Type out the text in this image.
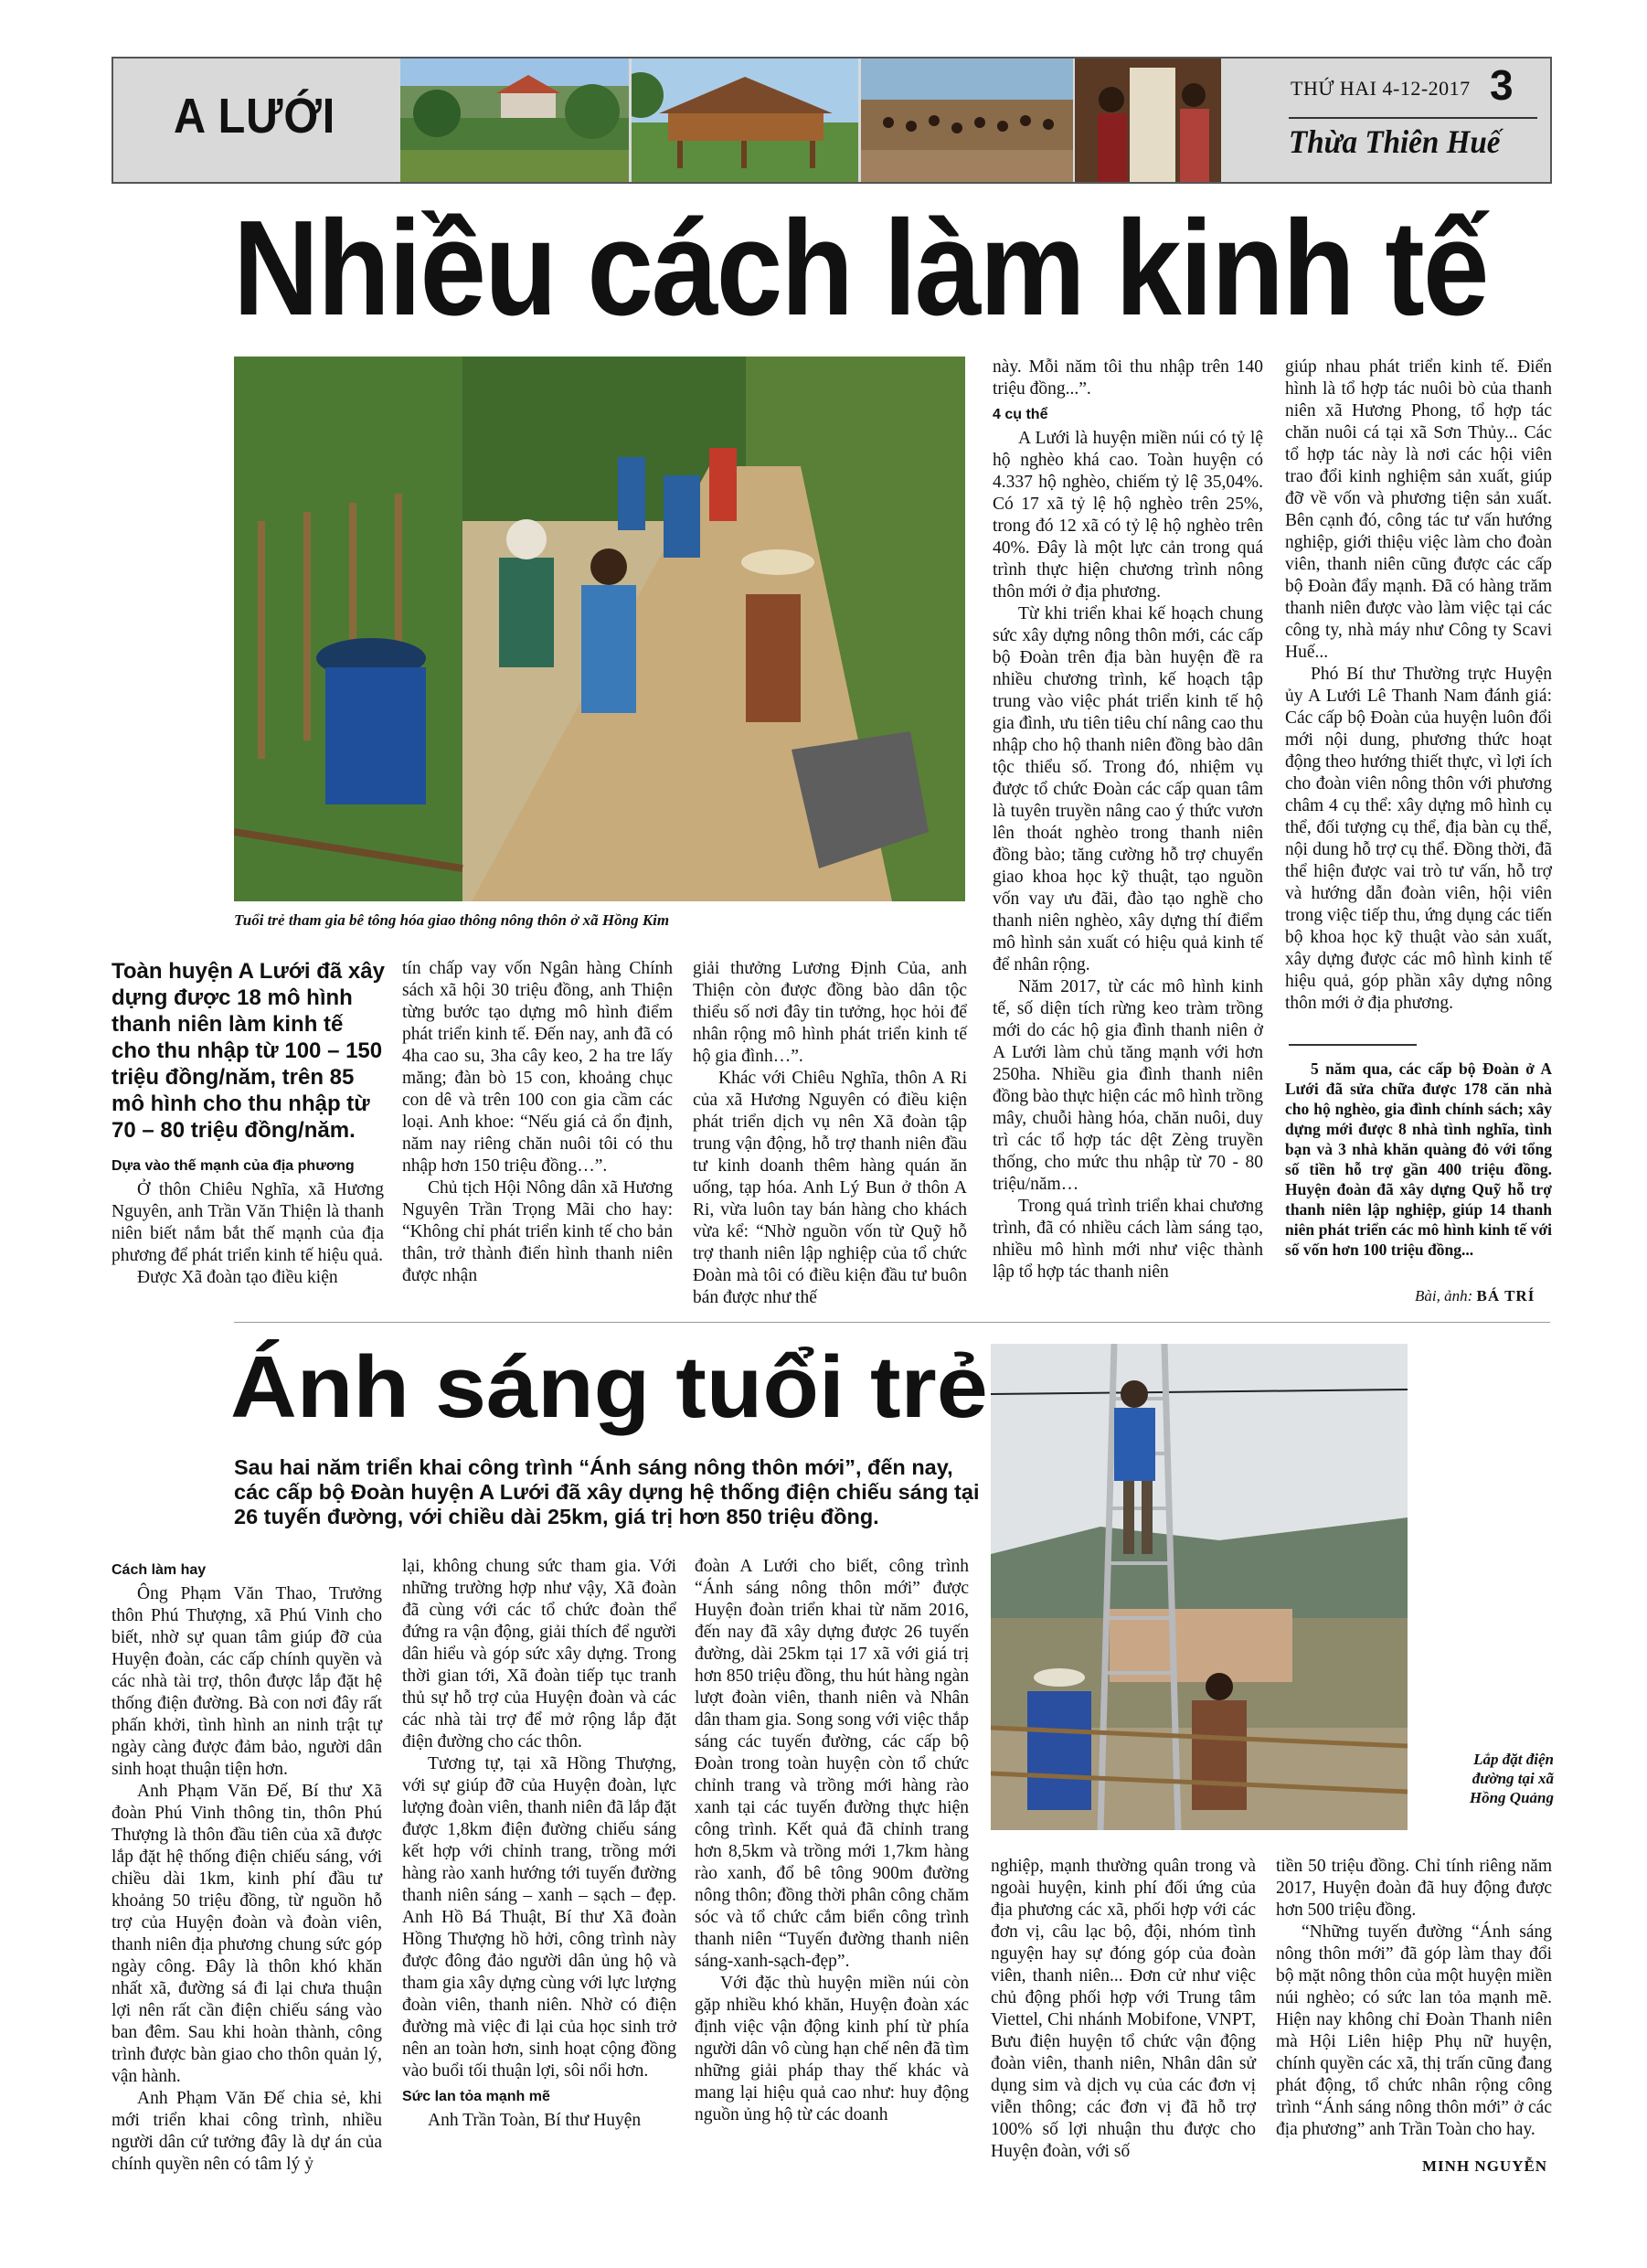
A LƯỚI
THỨ HAI 4-12-2017 3
Thừa Thiên Huế
Nhiều cách làm kinh tế
Tuổi trẻ tham gia bê tông hóa giao thông nông thôn ở xã Hồng Kim
Toàn huyện A Lưới đã xây dựng được 18 mô hình thanh niên làm kinh tế cho thu nhập từ 100 – 150 triệu đồng/năm, trên 85 mô hình cho thu nhập từ 70 – 80 triệu đồng/năm.

Dựa vào thế mạnh của địa phương

Ở thôn Chiêu Nghĩa, xã Hương Nguyên, anh Trần Văn Thiện là thanh niên biết nắm bắt thế mạnh của địa phương để phát triển kinh tế hiệu quả.

Được Xã đoàn tạo điều kiện

tín chấp vay vốn Ngân hàng Chính sách xã hội 30 triệu đồng, anh Thiện từng bước tạo dựng mô hình điểm phát triển kinh tế. Đến nay, anh đã có 4ha cao su, 3ha cây keo, 2 ha tre lấy măng; đàn bò 15 con, khoảng chục con dê và trên 100 con gia cầm các loại. Anh khoe: “Nếu giá cả ổn định, năm nay riêng chăn nuôi tôi có thu nhập hơn 150 triệu đồng…”.

Chủ tịch Hội Nông dân xã Hương Nguyên Trần Trọng Mãi cho hay: “Không chỉ phát triển kinh tế cho bản thân, trở thành điển hình thanh niên được nhận

giải thưởng Lương Định Của, anh Thiện còn được đồng bào dân tộc thiểu số nơi đây tin tưởng, học hỏi để nhân rộng mô hình phát triển kinh tế hộ gia đình…”.

Khác với Chiêu Nghĩa, thôn A Ri của xã Hương Nguyên có điều kiện phát triển dịch vụ nên Xã đoàn tập trung vận động, hỗ trợ thanh niên đầu tư kinh doanh thêm hàng quán ăn uống, tạp hóa. Anh Lý Bun ở thôn A Ri, vừa luôn tay bán hàng cho khách vừa kể: “Nhờ nguồn vốn từ Quỹ hỗ trợ thanh niên lập nghiệp của tổ chức Đoàn mà tôi có điều kiện đầu tư buôn bán được như thế

này. Mỗi năm tôi thu nhập trên 140 triệu đồng...”.

4 cụ thể

A Lưới là huyện miền núi có tỷ lệ hộ nghèo khá cao. Toàn huyện có 4.337 hộ nghèo, chiếm tỷ lệ 35,04%. Có 17 xã tỷ lệ hộ nghèo trên 25%, trong đó 12 xã có tỷ lệ hộ nghèo trên 40%. Đây là một lực cản trong quá trình thực hiện chương trình nông thôn mới ở địa phương.

Từ khi triển khai kế hoạch chung sức xây dựng nông thôn mới, các cấp bộ Đoàn trên địa bàn huyện đề ra nhiều chương trình, kế hoạch tập trung vào việc phát triển kinh tế hộ gia đình, ưu tiên tiêu chí nâng cao thu nhập cho hộ thanh niên đồng bào dân tộc thiểu số. Trong đó, nhiệm vụ được tổ chức Đoàn các cấp quan tâm là tuyên truyền nâng cao ý thức vươn lên thoát nghèo trong thanh niên đồng bào; tăng cường hỗ trợ chuyển giao khoa học kỹ thuật, tạo nguồn vốn vay ưu đãi, đào tạo nghề cho thanh niên nghèo, xây dựng thí điểm mô hình sản xuất có hiệu quả kinh tế để nhân rộng.

Năm 2017, từ các mô hình kinh tế, số diện tích rừng keo tràm trồng mới do các hộ gia đình thanh niên ở A Lưới làm chủ tăng mạnh với hơn 250ha. Nhiều gia đình thanh niên đồng bào thực hiện các mô hình trồng mây, chuỗi hàng hóa, chăn nuôi, duy trì các tổ hợp tác dệt Zèng truyền thống, cho mức thu nhập từ 70 - 80 triệu/năm…

Trong quá trình triển khai chương trình, đã có nhiều cách làm sáng tạo, nhiều mô hình mới như việc thành lập tổ hợp tác thanh niên

giúp nhau phát triển kinh tế. Điển hình là tổ hợp tác nuôi bò của thanh niên xã Hương Phong, tổ hợp tác chăn nuôi cá tại xã Sơn Thủy... Các tổ hợp tác này là nơi các hội viên trao đổi kinh nghiệm sản xuất, giúp đỡ về vốn và phương tiện sản xuất. Bên cạnh đó, công tác tư vấn hướng nghiệp, giới thiệu việc làm cho đoàn viên, thanh niên cũng được các cấp bộ Đoàn đẩy mạnh. Đã có hàng trăm thanh niên được vào làm việc tại các công ty, nhà máy như Công ty Scavi Huế...

Phó Bí thư Thường trực Huyện ủy A Lưới Lê Thanh Nam đánh giá: Các cấp bộ Đoàn của huyện luôn đổi mới nội dung, phương thức hoạt động theo hướng thiết thực, vì lợi ích cho đoàn viên nông thôn với phương châm 4 cụ thể: xây dựng mô hình cụ thể, đối tượng cụ thể, địa bàn cụ thể, nội dung hỗ trợ cụ thể. Đồng thời, đã thể hiện được vai trò tư vấn, hỗ trợ và hướng dẫn đoàn viên, hội viên trong việc tiếp thu, ứng dụng các tiến bộ khoa học kỹ thuật vào sản xuất, xây dựng được các mô hình kinh tế hiệu quả, góp phần xây dựng nông thôn mới ở địa phương.

5 năm qua, các cấp bộ Đoàn ở A Lưới đã sửa chữa được 178 căn nhà cho hộ nghèo, gia đình chính sách; xây dựng mới được 8 nhà tình nghĩa, tình bạn và 3 nhà khăn quàng đỏ với tổng số tiền hỗ trợ gần 400 triệu đồng. Huyện đoàn đã xây dựng Quỹ hỗ trợ thanh niên lập nghiệp, giúp 14 thanh niên phát triển các mô hình kinh tế với số vốn hơn 100 triệu đồng...
Bài, ảnh: BÁ TRÍ
Ánh sáng tuổi trẻ
Sau hai năm triển khai công trình “Ánh sáng nông thôn mới”, đến nay, các cấp bộ Đoàn huyện A Lưới đã xây dựng hệ thống điện chiếu sáng tại 26 tuyến đường, với chiều dài 25km, giá trị hơn 850 triệu đồng.
Lắp đặt điện đường tại xã Hồng Quảng

Cách làm hay

Ông Phạm Văn Thao, Trưởng thôn Phú Thượng, xã Phú Vinh cho biết, nhờ sự quan tâm giúp đỡ của Huyện đoàn, các cấp chính quyền và các nhà tài trợ, thôn được lắp đặt hệ thống điện đường. Bà con nơi đây rất phấn khởi, tình hình an ninh trật tự ngày càng được đảm bảo, người dân sinh hoạt thuận tiện hơn.

Anh Phạm Văn Đế, Bí thư Xã đoàn Phú Vinh thông tin, thôn Phú Thượng là thôn đầu tiên của xã được lắp đặt hệ thống điện chiếu sáng, với chiều dài 1km, kinh phí đầu tư khoảng 50 triệu đồng, từ nguồn hỗ trợ của Huyện đoàn và đoàn viên, thanh niên địa phương chung sức góp ngày công. Đây là thôn khó khăn nhất xã, đường sá đi lại chưa thuận lợi nên rất cần điện chiếu sáng vào ban đêm. Sau khi hoàn thành, công trình được bàn giao cho thôn quản lý, vận hành.

Anh Phạm Văn Đế chia sẻ, khi mới triển khai công trình, nhiều người dân cứ tưởng đây là dự án của chính quyền nên có tâm lý ỷ

lại, không chung sức tham gia. Với những trường hợp như vậy, Xã đoàn đã cùng với các tổ chức đoàn thể đứng ra vận động, giải thích để người dân hiểu và góp sức xây dựng. Trong thời gian tới, Xã đoàn tiếp tục tranh thủ sự hỗ trợ của Huyện đoàn và các các nhà tài trợ để mở rộng lắp đặt điện đường cho các thôn.

Tương tự, tại xã Hồng Thượng, với sự giúp đỡ của Huyện đoàn, lực lượng đoàn viên, thanh niên đã lắp đặt được 1,8km điện đường chiếu sáng kết hợp với chỉnh trang, trồng mới hàng rào xanh hướng tới tuyến đường thanh niên sáng – xanh – sạch – đẹp. Anh Hồ Bá Thuật, Bí thư Xã đoàn Hồng Thượng hồ hởi, công trình này được đông đảo người dân ủng hộ và tham gia xây dựng cùng với lực lượng đoàn viên, thanh niên. Nhờ có điện đường mà việc đi lại của học sinh trở nên an toàn hơn, sinh hoạt cộng đồng vào buổi tối thuận lợi, sôi nổi hơn.

Sức lan tỏa mạnh mẽ

Anh Trần Toàn, Bí thư Huyện

đoàn A Lưới cho biết, công trình “Ánh sáng nông thôn mới” được Huyện đoàn triển khai từ năm 2016, đến nay đã xây dựng được 26 tuyến đường, dài 25km tại 17 xã với giá trị hơn 850 triệu đồng, thu hút hàng ngàn lượt đoàn viên, thanh niên và Nhân dân tham gia. Song song với việc thắp sáng các tuyến đường, các cấp bộ Đoàn trong toàn huyện còn tổ chức chỉnh trang và trồng mới hàng rào xanh tại các tuyến đường thực hiện công trình. Kết quả đã chỉnh trang hơn 8,5km và trồng mới 1,7km hàng rào xanh, đổ bê tông 900m đường nông thôn; đồng thời phân công chăm sóc và tổ chức cắm biển công trình thanh niên “Tuyến đường thanh niên sáng-xanh-sạch-đẹp”.

Với đặc thù huyện miền núi còn gặp nhiều khó khăn, Huyện đoàn xác định việc vận động kinh phí từ phía người dân vô cùng hạn chế nên đã tìm những giải pháp thay thế khác và mang lại hiệu quả cao như: huy động nguồn ủng hộ từ các doanh

nghiệp, mạnh thường quân trong và ngoài huyện, kinh phí đối ứng của địa phương các xã, phối hợp với các đơn vị, câu lạc bộ, đội, nhóm tình nguyện hay sự đóng góp của đoàn viên, thanh niên... Đơn cử như việc chủ động phối hợp với Trung tâm Viettel, Chi nhánh Mobifone, VNPT, Bưu điện huyện tổ chức vận động đoàn viên, thanh niên, Nhân dân sử dụng sim và dịch vụ của các đơn vị viễn thông; các đơn vị đã hỗ trợ 100% số lợi nhuận thu được cho Huyện đoàn, với số

tiền 50 triệu đồng. Chỉ tính riêng năm 2017, Huyện đoàn đã huy động được hơn 500 triệu đồng.

“Những tuyến đường “Ánh sáng nông thôn mới” đã góp làm thay đổi bộ mặt nông thôn của một huyện miền núi nghèo; có sức lan tỏa mạnh mẽ. Hiện nay không chỉ Đoàn Thanh niên mà Hội Liên hiệp Phụ nữ huyện, chính quyền các xã, thị trấn cũng đang phát động, tổ chức nhân rộng công trình “Ánh sáng nông thôn mới” ở các địa phương” anh Trần Toàn cho hay.

MINH NGUYỄN
